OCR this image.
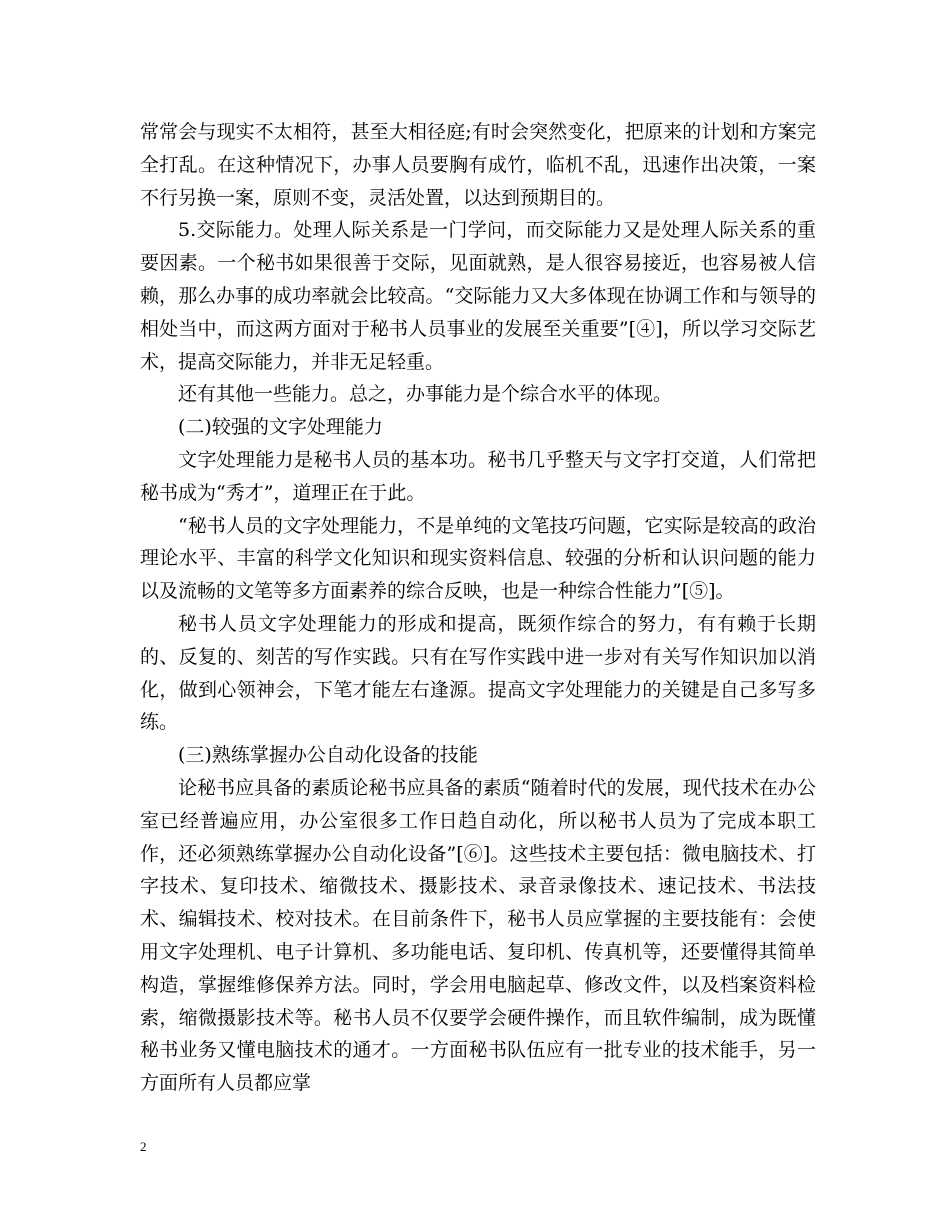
常常会与现实不太相符，甚至大相径庭;有时会突然变化，把原来的计划和方案完全打乱。在这种情况下，办事人员要胸有成竹，临机不乱，迅速作出决策，一案不行另换一案，原则不变，灵活处置，以达到预期目的。

5.交际能力。处理人际关系是一门学问，而交际能力又是处理人际关系的重要因素。一个秘书如果很善于交际，见面就熟，是人很容易接近，也容易被人信赖，那么办事的成功率就会比较高。“交际能力又大多体现在协调工作和与领导的相处当中，而这两方面对于秘书人员事业的发展至关重要”[④]，所以学习交际艺术，提高交际能力，并非无足轻重。

还有其他一些能力。总之，办事能力是个综合水平的体现。

(二)较强的文字处理能力

文字处理能力是秘书人员的基本功。秘书几乎整天与文字打交道，人们常把秘书成为“秀才”，道理正在于此。

“秘书人员的文字处理能力，不是单纯的文笔技巧问题，它实际是较高的政治理论水平、丰富的科学文化知识和现实资料信息、较强的分析和认识问题的能力以及流畅的文笔等多方面素养的综合反映，也是一种综合性能力”[⑤]。

秘书人员文字处理能力的形成和提高，既须作综合的努力，有有赖于长期的、反复的、刻苦的写作实践。只有在写作实践中进一步对有关写作知识加以消化，做到心领神会，下笔才能左右逢源。提高文字处理能力的关键是自己多写多练。

(三)熟练掌握办公自动化设备的技能

论秘书应具备的素质论秘书应具备的素质“随着时代的发展，现代技术在办公室已经普遍应用，办公室很多工作日趋自动化，所以秘书人员为了完成本职工作，还必须熟练掌握办公自动化设备”[⑥]。这些技术主要包括：微电脑技术、打字技术、复印技术、缩微技术、摄影技术、录音录像技术、速记技术、书法技术、编辑技术、校对技术。在目前条件下，秘书人员应掌握的主要技能有：会使用文字处理机、电子计算机、多功能电话、复印机、传真机等，还要懂得其简单构造，掌握维修保养方法。同时，学会用电脑起草、修改文件，以及档案资料检索，缩微摄影技术等。秘书人员不仅要学会硬件操作，而且软件编制，成为既懂秘书业务又懂电脑技术的通才。一方面秘书队伍应有一批专业的技术能手，另一方面所有人员都应掌

2
